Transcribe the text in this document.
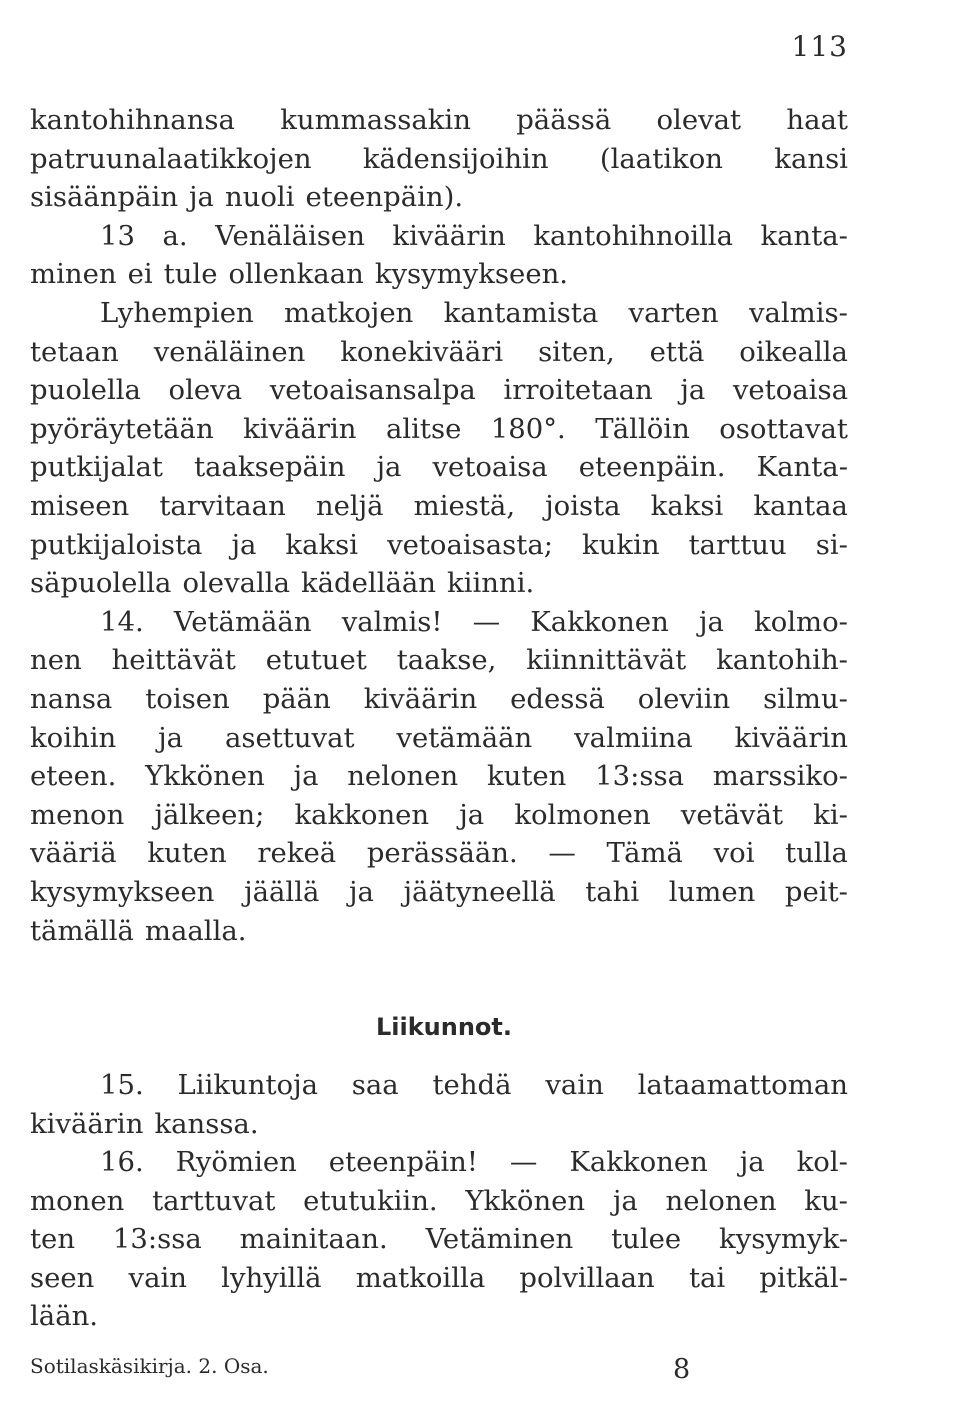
113
kantohihnansa kummassakin päässä olevat haat
patruunalaatikkojen kädensijoihin (laatikon kansi
sisäänpäin ja nuoli eteenpäin).
13 a. Venäläisen kiväärin kantohihnoilla kanta-
minen ei tule ollenkaan kysymykseen.
Lyhempien matkojen kantamista varten valmis-
tetaan venäläinen konekivääri siten, että oikealla
puolella oleva vetoaisansalpa irroitetaan ja vetoaisa
pyöräytetään kiväärin alitse 180°. Tällöin osottavat
putkijalat taaksepäin ja vetoaisa eteenpäin. Kanta-
miseen tarvitaan neljä miestä, joista kaksi kantaa
putkijaloista ja kaksi vetoaisasta; kukin tarttuu si-
säpuolella olevalla kädellään kiinni.
14. Vetämään valmis! — Kakkonen ja kolmo-
nen heittävät etutuet taakse, kiinnittävät kantohih-
nansa toisen pään kiväärin edessä oleviin silmu-
koihin ja asettuvat vetämään valmiina kiväärin
eteen. Ykkönen ja nelonen kuten 13:ssa marssiko-
menon jälkeen; kakkonen ja kolmonen vetävät ki-
vääriä kuten rekeä perässään. — Tämä voi tulla
kysymykseen jäällä ja jäätyneellä tahi lumen peit-
tämällä maalla.
Liikunnot.
15. Liikuntoja saa tehdä vain lataamattoman
kiväärin kanssa.
16. Ryömien eteenpäin! — Kakkonen ja kol-
monen tarttuvat etutukiin. Ykkönen ja nelonen ku-
ten 13:ssa mainitaan. Vetäminen tulee kysymyk-
seen vain lyhyillä matkoilla polvillaan tai pitkäl-
lään.
Sotilaskäsikirja. 2. Osa.	8
